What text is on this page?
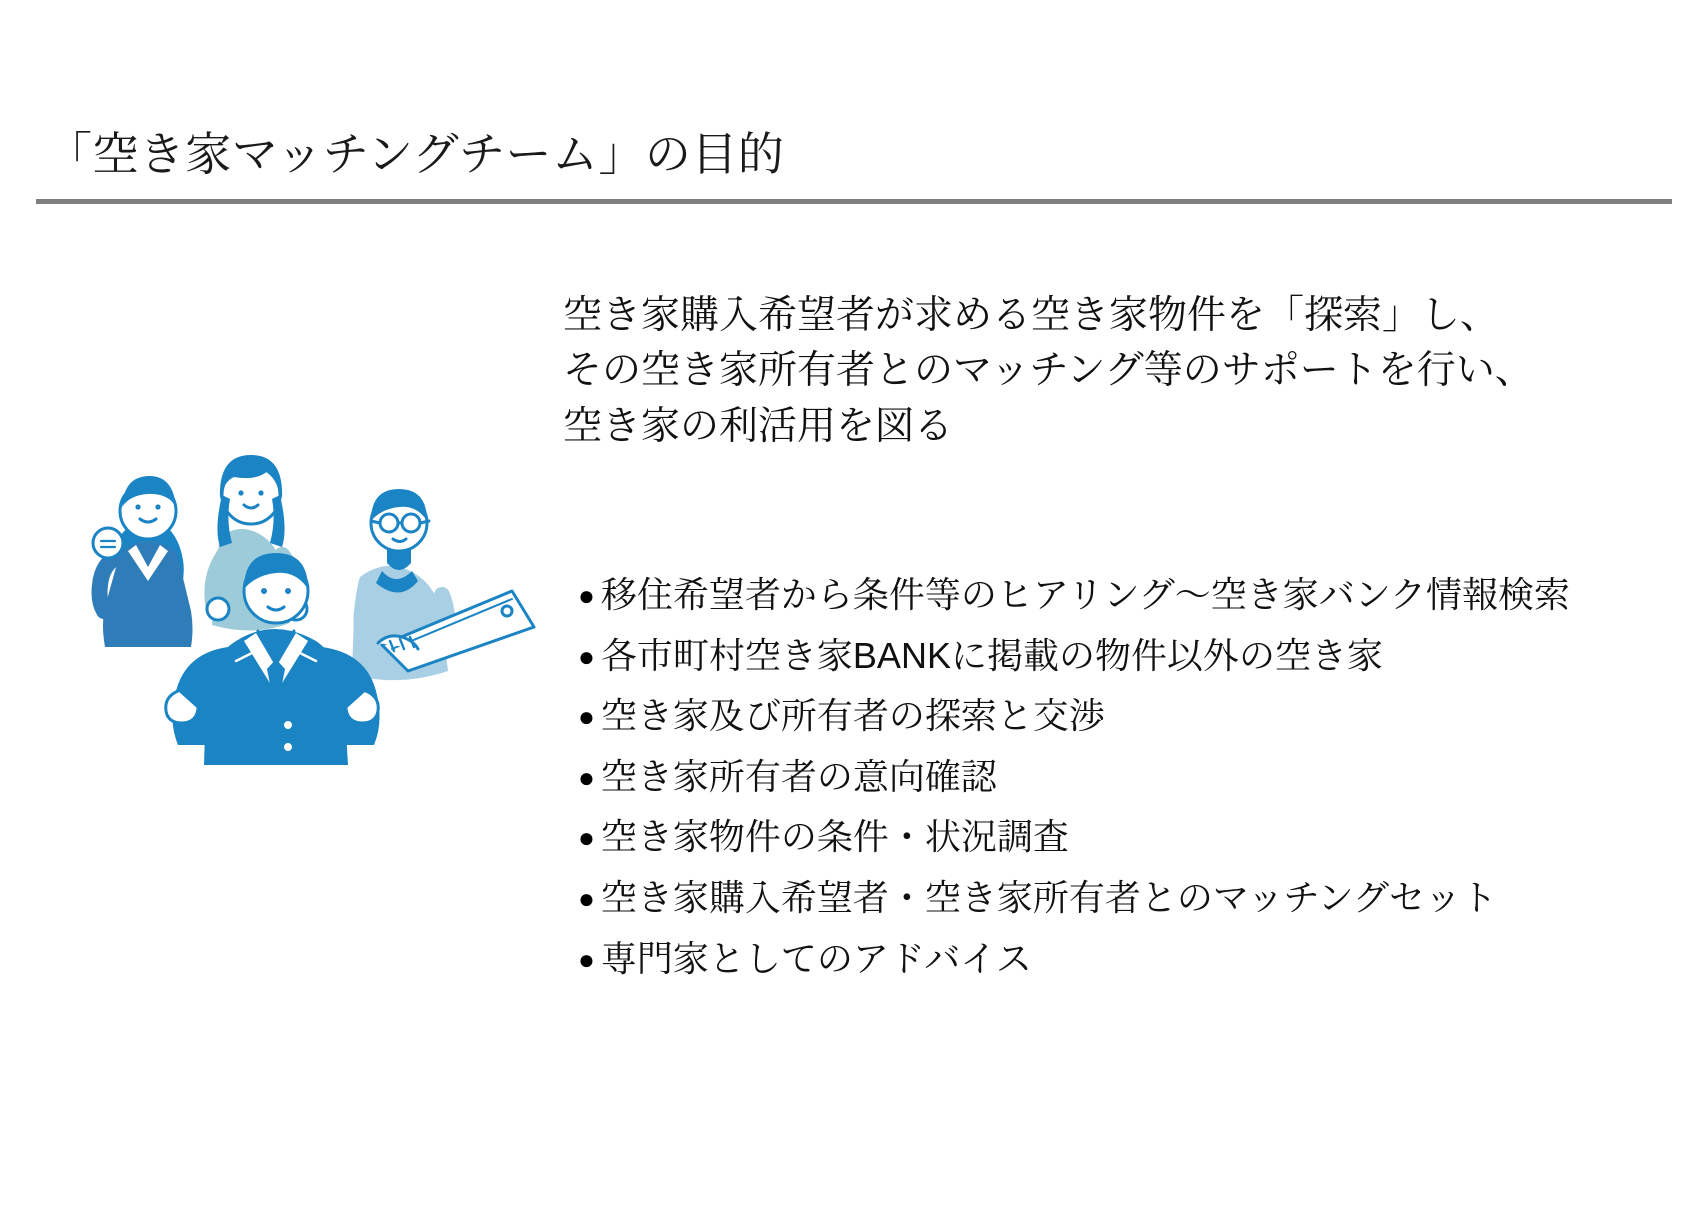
「空き家マッチングチーム」の目的
空き家購入希望者が求める空き家物件を「探索」し、
その空き家所有者とのマッチング等のサポートを行い、
空き家の利活用を図る
● 移住希望者から条件等のヒアリング〜空き家バンク情報検索
● 各市町村空き家BANKに掲載の物件以外の空き家
● 空き家及び所有者の探索と交渉
● 空き家所有者の意向確認
● 空き家物件の条件・状況調査
● 空き家購入希望者・空き家所有者とのマッチングセット
● 専門家としてのアドバイス
